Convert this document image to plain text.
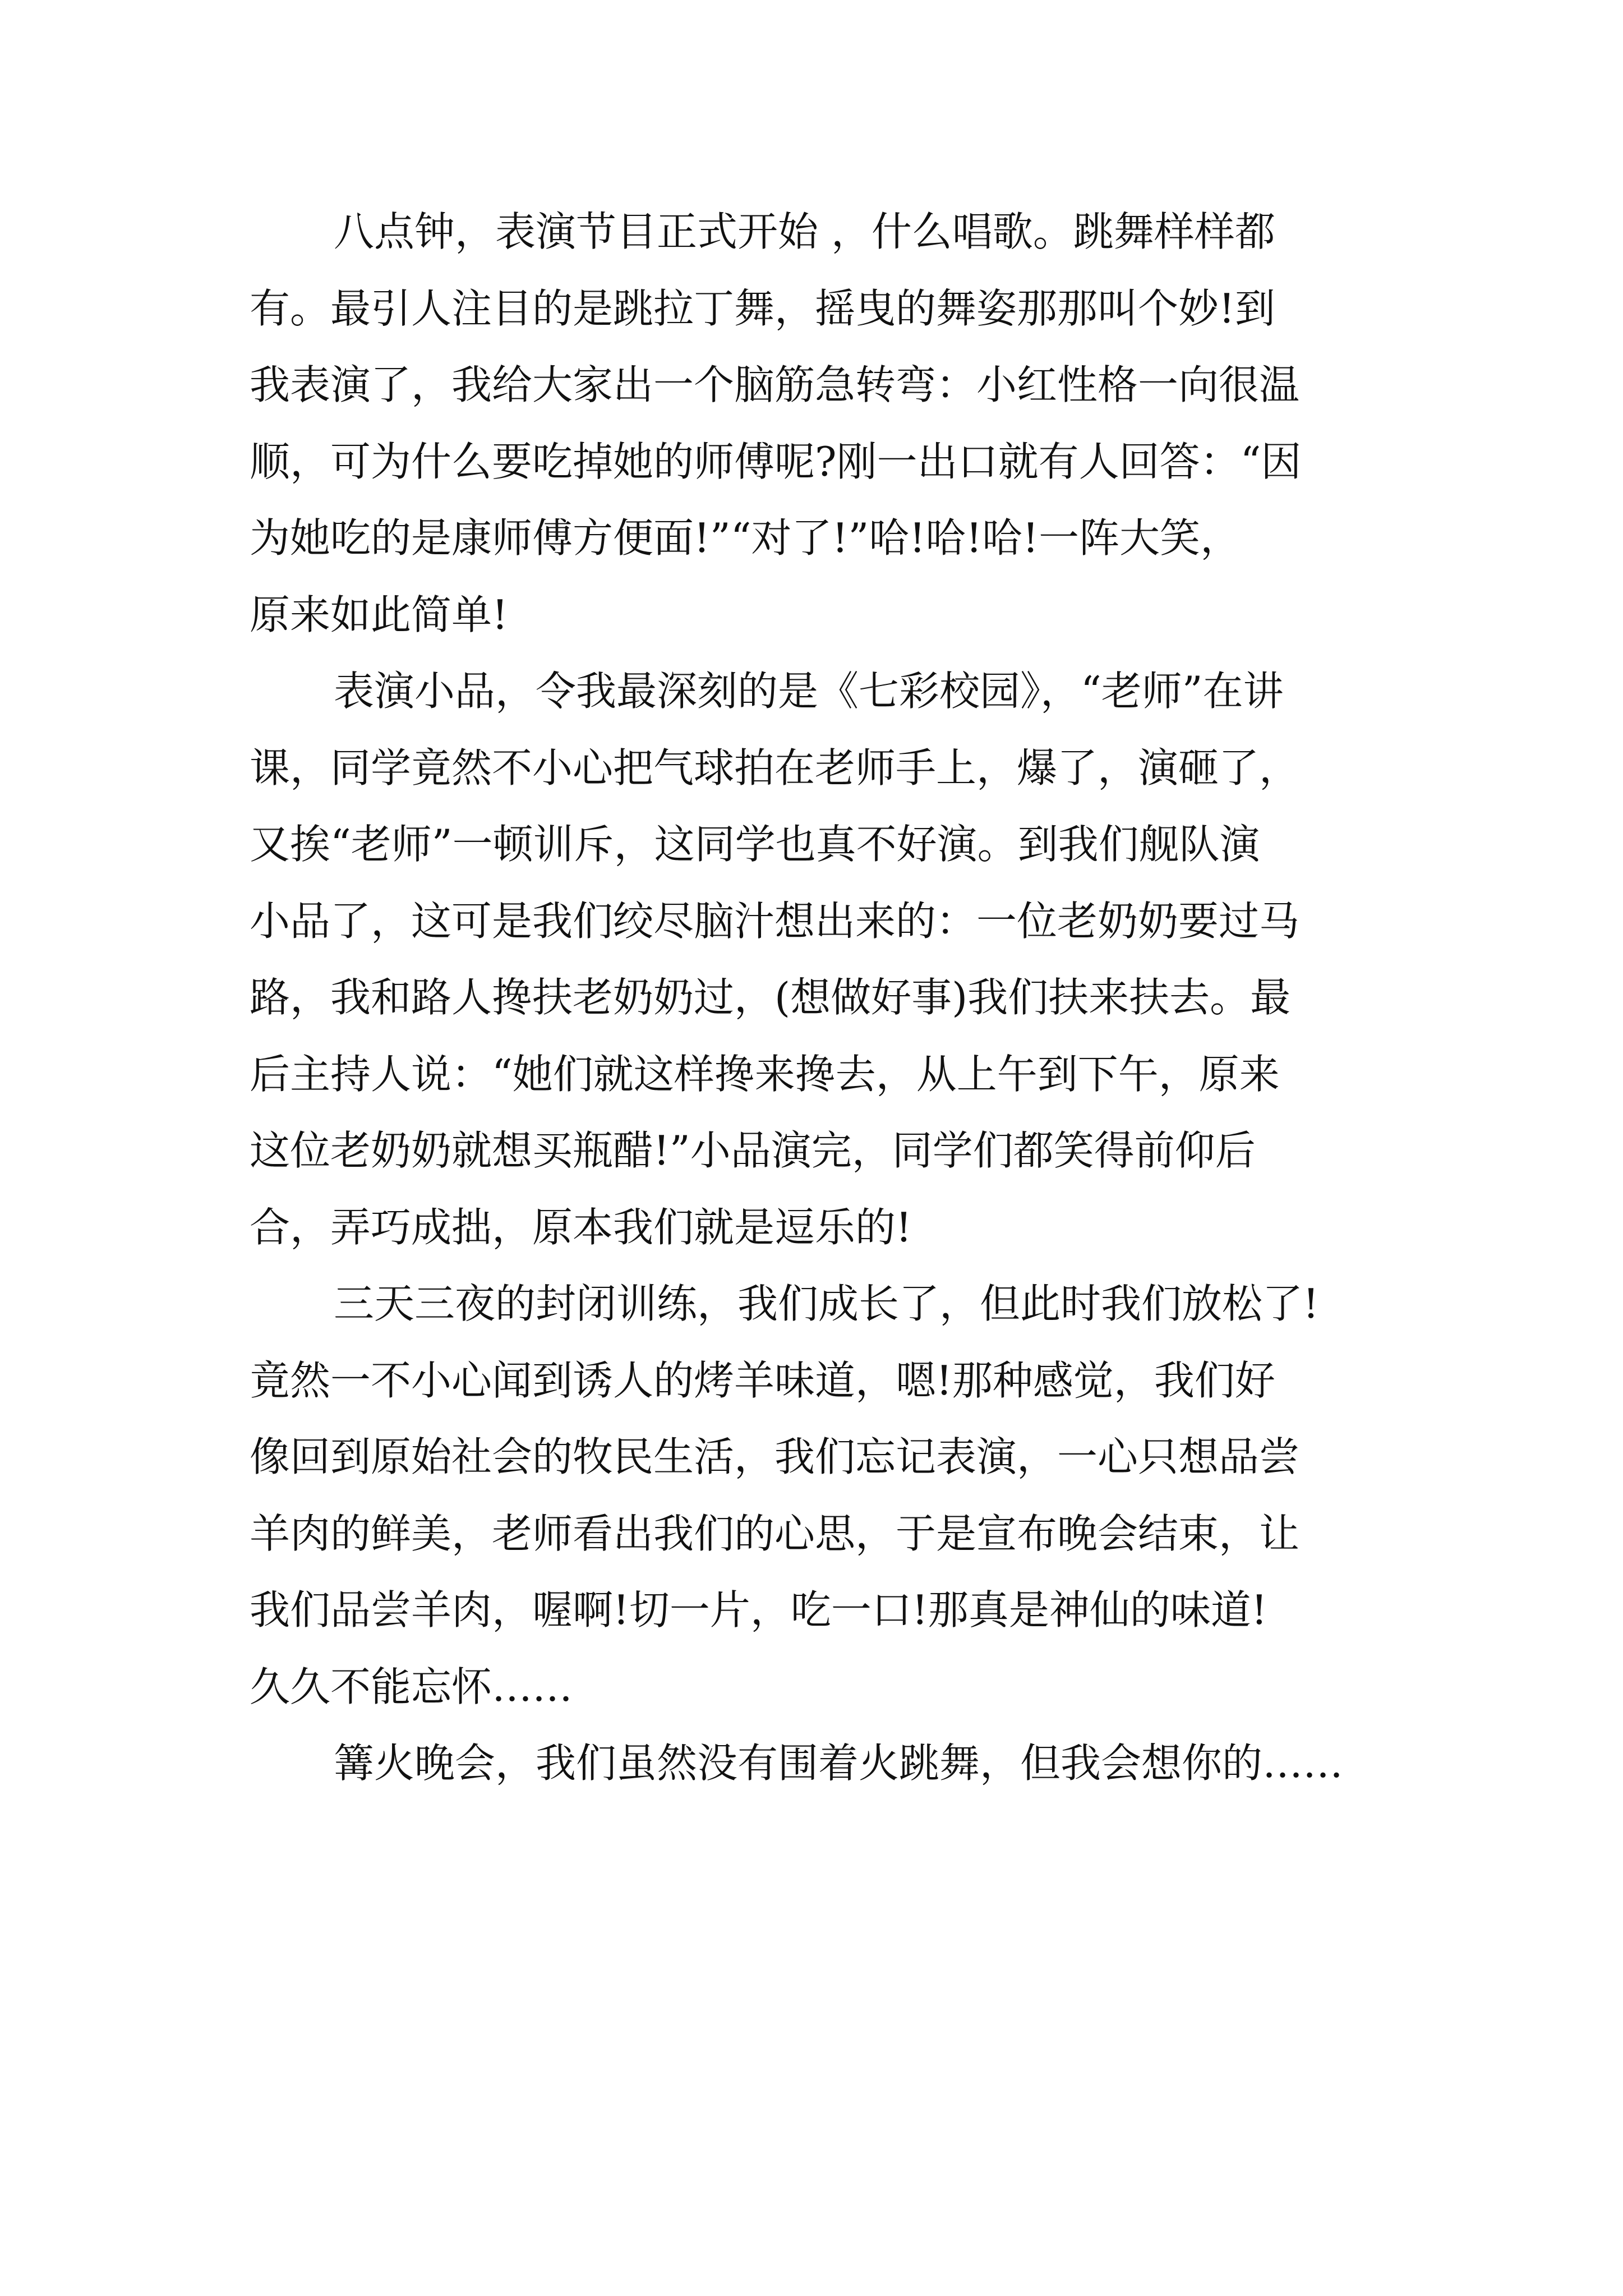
八点钟，表演节目正式开始 ，什么唱歌。跳舞样样都
有。最引人注目的是跳拉丁舞，摇曳的舞姿那那叫个妙!到
我表演了，我给大家出一个脑筋急转弯：小红性格一向很温
顺，可为什么要吃掉她的师傅呢?刚一出口就有人回答：“因
为她吃的是康师傅方便面!”“对了!”哈!哈!哈!一阵大笑，
原来如此简单!
表演小品，令我最深刻的是《七彩校园》，“老师”在讲
课，同学竟然不小心把气球拍在老师手上，爆了，演砸了，
又挨“老师”一顿训斥，这同学也真不好演。到我们舰队演
小品了，这可是我们绞尽脑汁想出来的：一位老奶奶要过马
路，我和路人搀扶老奶奶过，(想做好事)我们扶来扶去。最
后主持人说：“她们就这样搀来搀去，从上午到下午，原来
这位老奶奶就想买瓶醋!”小品演完，同学们都笑得前仰后
合，弄巧成拙，原本我们就是逗乐的!
三天三夜的封闭训练，我们成长了，但此时我们放松了!
竟然一不小心闻到诱人的烤羊味道，嗯!那种感觉，我们好
像回到原始社会的牧民生活，我们忘记表演，一心只想品尝
羊肉的鲜美，老师看出我们的心思，于是宣布晚会结束，让
我们品尝羊肉，喔啊!切一片，吃一口!那真是神仙的味道!
久久不能忘怀……
篝火晚会，我们虽然没有围着火跳舞，但我会想你的……
